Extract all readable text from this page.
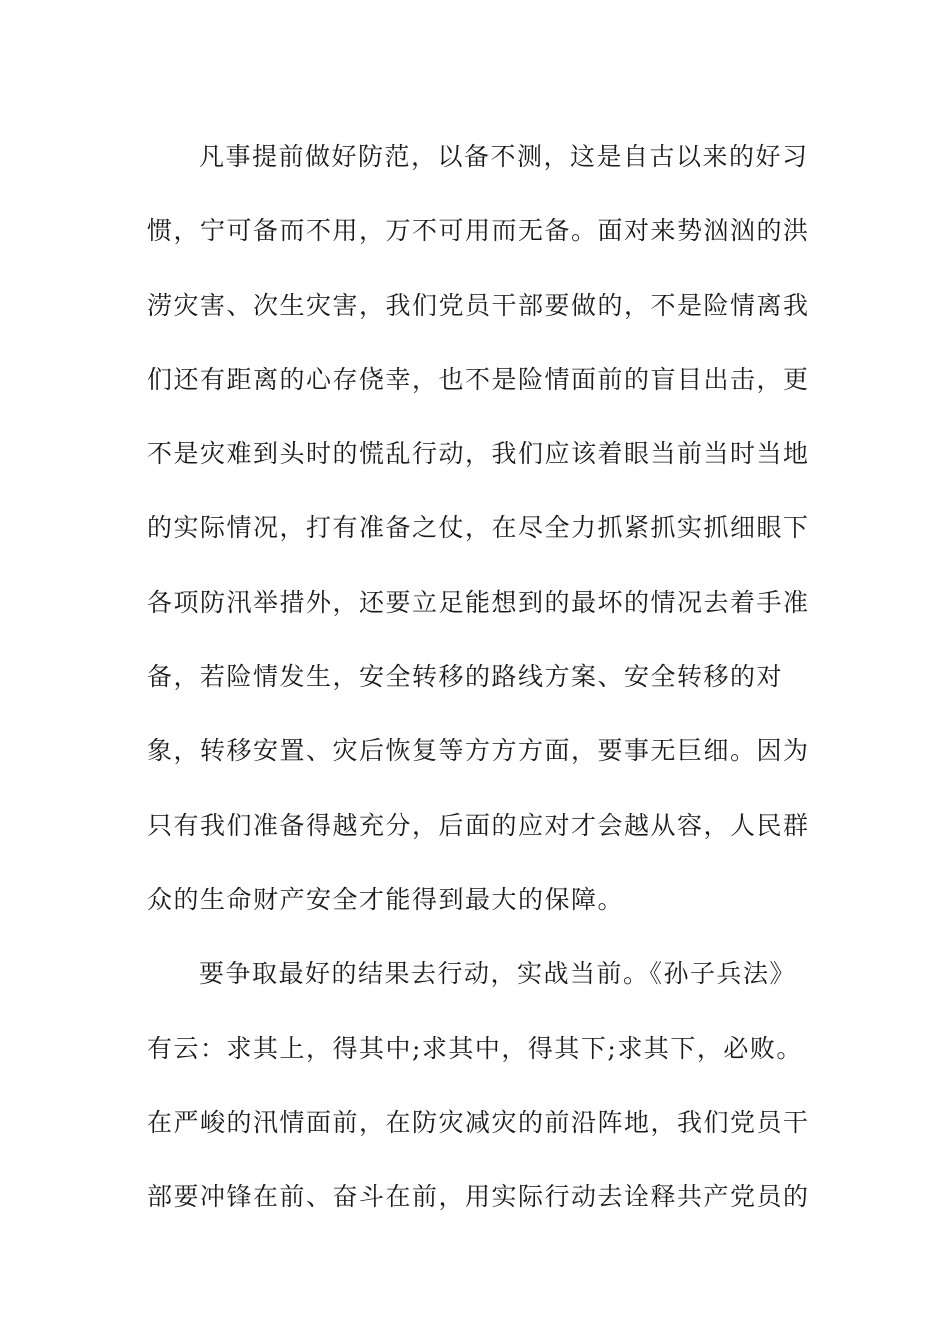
凡事提前做好防范，以备不测，这是自古以来的好习
惯，宁可备而不用，万不可用而无备。面对来势汹汹的洪
涝灾害、次生灾害，我们党员干部要做的，不是险情离我
们还有距离的心存侥幸，也不是险情面前的盲目出击，更
不是灾难到头时的慌乱行动，我们应该着眼当前当时当地
的实际情况，打有准备之仗，在尽全力抓紧抓实抓细眼下
各项防汛举措外，还要立足能想到的最坏的情况去着手准
备，若险情发生，安全转移的路线方案、安全转移的对
象，转移安置、灾后恢复等方方方面，要事无巨细。因为
只有我们准备得越充分，后面的应对才会越从容，人民群
众的生命财产安全才能得到最大的保障。
要争取最好的结果去行动，实战当前。《孙子兵法》
有云：求其上，得其中;求其中，得其下;求其下，必败。
在严峻的汛情面前，在防灾减灾的前沿阵地，我们党员干
部要冲锋在前、奋斗在前，用实际行动去诠释共产党员的
